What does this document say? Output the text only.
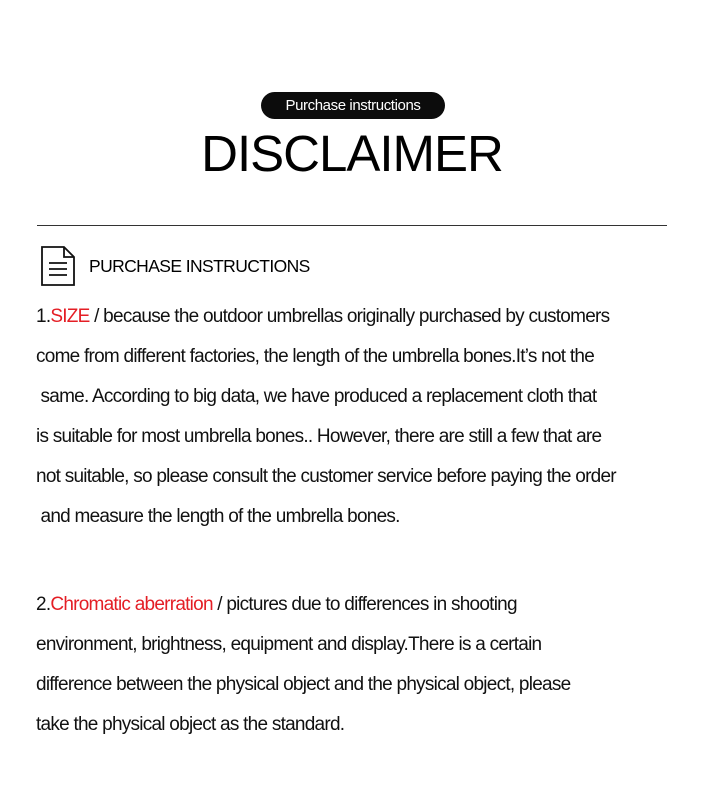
Purchase instructions
DISCLAIMER
PURCHASE INSTRUCTIONS
1.SIZE / because the outdoor umbrellas originally purchased by customers
come from different factories, the length of the umbrella bones.It’s not the
same. According to big data, we have produced a replacement cloth that
is suitable for most umbrella bones.. However, there are still a few that are
not suitable, so please consult the customer service before paying the order
and measure the length of the umbrella bones.
2.Chromatic aberration / pictures due to differences in shooting
environment, brightness, equipment and display.There is a certain
difference between the physical object and the physical object, please
take the physical object as the standard.
